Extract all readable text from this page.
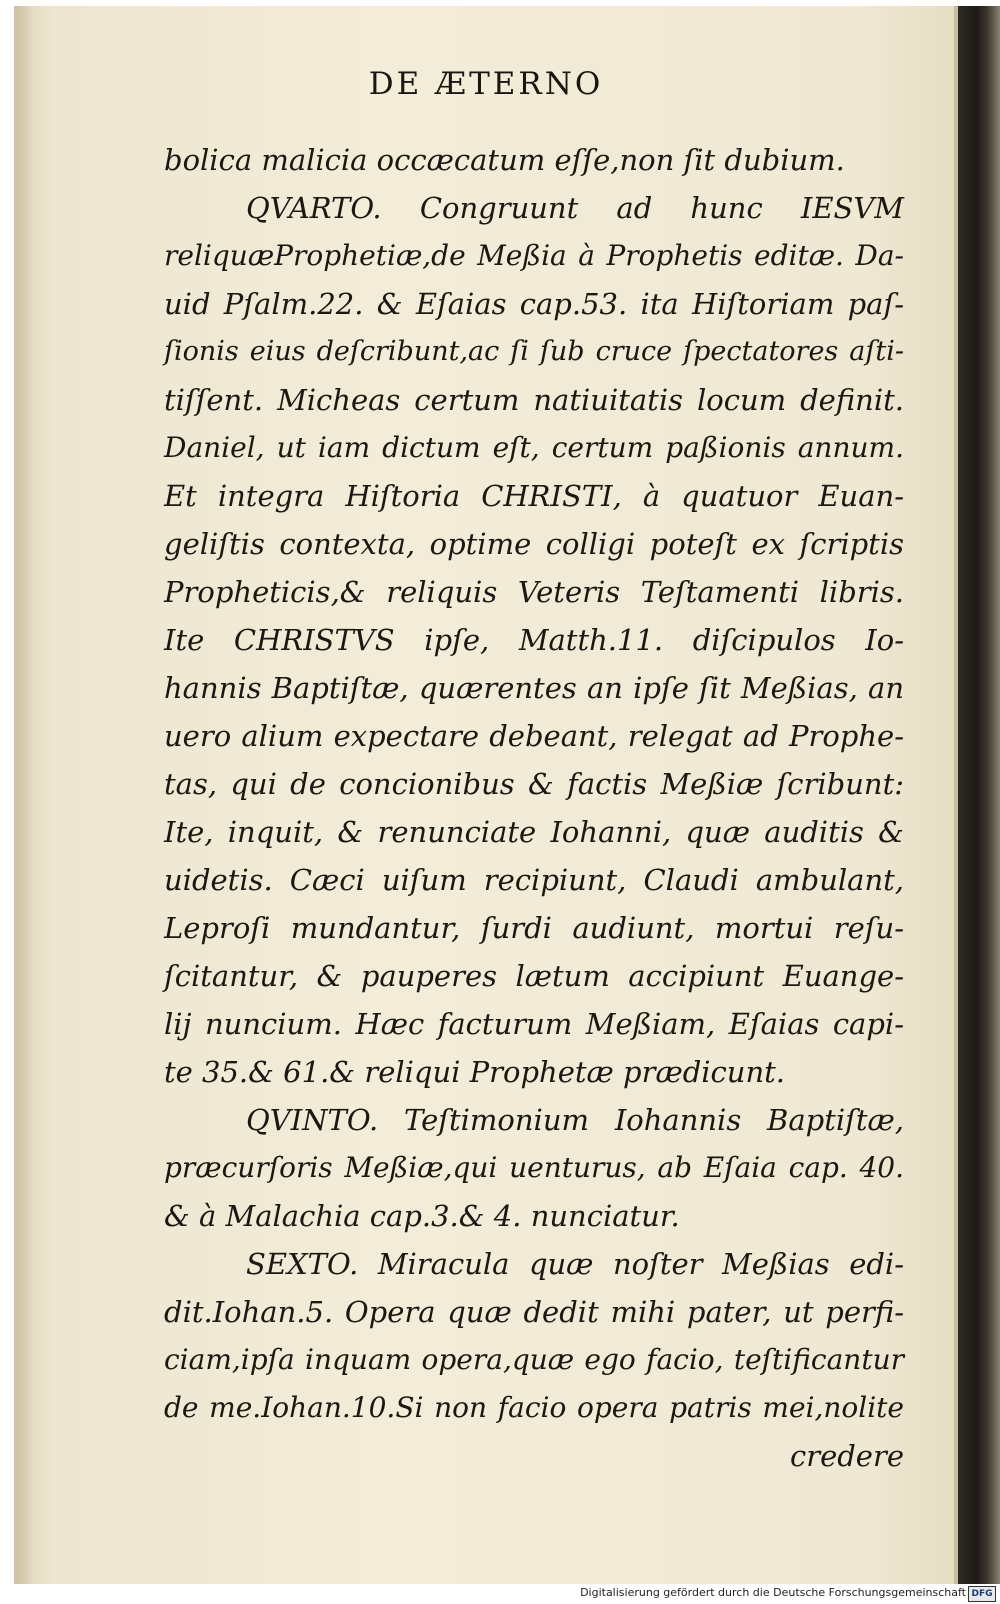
DE ÆTERNO
bolica malicia occæcatum eſſe,non ſit dubium.
QVARTO. Congruunt ad hunc IESVM
reliquæProphetiæ,de Meßia à Prophetis editæ. Da-
uid Pſalm.22. & Eſaias cap.53. ita Hiſtoriam paſ-
ſionis eius deſcribunt,ac ſi ſub cruce ſpectatores aſti-
tiſſent. Micheas certum natiuitatis locum definit.
Daniel, ut iam dictum eſt, certum paßionis annum.
Et integra Hiſtoria CHRISTI, à quatuor Euan-
geliſtis contexta, optime colligi poteſt ex ſcriptis
Propheticis,& reliquis Veteris Teſtamenti libris.
Ite CHRISTVS ipſe, Matth.11. diſcipulos Io-
hannis Baptiſtæ, quærentes an ipſe ſit Meßias, an
uero alium expectare debeant, relegat ad Prophe-
tas, qui de concionibus & factis Meßiæ ſcribunt:
Ite, inquit, & renunciate Iohanni, quæ auditis &
uidetis. Cæci uiſum recipiunt, Claudi ambulant,
Leproſi mundantur, ſurdi audiunt, mortui reſu-
ſcitantur, & pauperes lætum accipiunt Euange-
lij nuncium. Hæc facturum Meßiam, Eſaias capi-
te 35.& 61.& reliqui Prophetæ prædicunt.
QVINTO. Teſtimonium Iohannis Baptiſtæ,
præcurſoris Meßiæ,qui uenturus, ab Eſaia cap. 40.
& à Malachia cap.3.& 4. nunciatur.
SEXTO. Miracula quæ noſter Meßias edi-
dit.Iohan.5. Opera quæ dedit mihi pater, ut perfi-
ciam,ipſa inquam opera,quæ ego facio, teſtificantur
de me.Iohan.10.Si non facio opera patris mei,nolite
credere
Digitalisierung gefördert durch die Deutsche Forschungsgemeinschaft DFG
